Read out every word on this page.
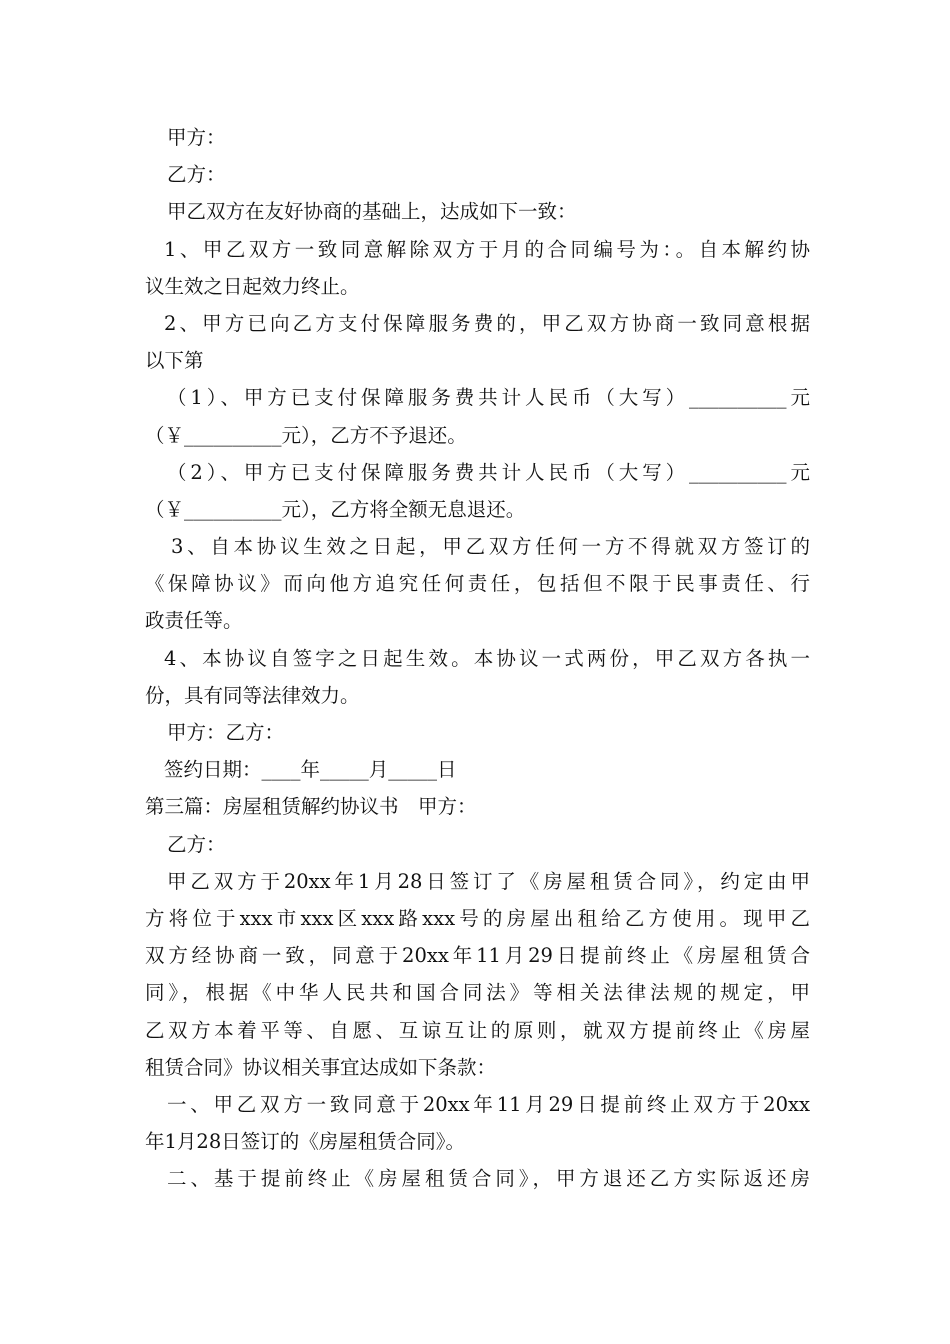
甲方：
乙方：
甲乙双方在友好协商的基础上，达成如下一致：
1、甲乙双方一致同意解除双方于月的合同编号为：。自本解约协
议生效之日起效力终止。
2、甲方已向乙方支付保障服务费的，甲乙双方协商一致同意根据
以下第
（1）、甲方已支付保障服务费共计人民币（大写）__________元
（￥__________元），乙方不予退还。
（2）、甲方已支付保障服务费共计人民币（大写）__________元
（￥__________元），乙方将全额无息退还。
3、自本协议生效之日起，甲乙双方任何一方不得就双方签订的
《保障协议》而向他方追究任何责任，包括但不限于民事责任、行
政责任等。
4、本协议自签字之日起生效。本协议一式两份，甲乙双方各执一
份，具有同等法律效力。
甲方：乙方：
签约日期：____年_____月_____日
第三篇：房屋租赁解约协议书　甲方：
乙方：
甲乙双方于20xx年1月28日签订了《房屋租赁合同》，约定由甲
方将位于xxx市xxx区xxx路xxx号的房屋出租给乙方使用。现甲乙
双方经协商一致，同意于20xx年11月29日提前终止《房屋租赁合
同》，根据《中华人民共和国合同法》等相关法律法规的规定，甲
乙双方本着平等、自愿、互谅互让的原则，就双方提前终止《房屋
租赁合同》协议相关事宜达成如下条款：
一、甲乙双方一致同意于20xx年11月29日提前终止双方于20xx
年1月28日签订的《房屋租赁合同》。
二、基于提前终止《房屋租赁合同》，甲方退还乙方实际返还房
